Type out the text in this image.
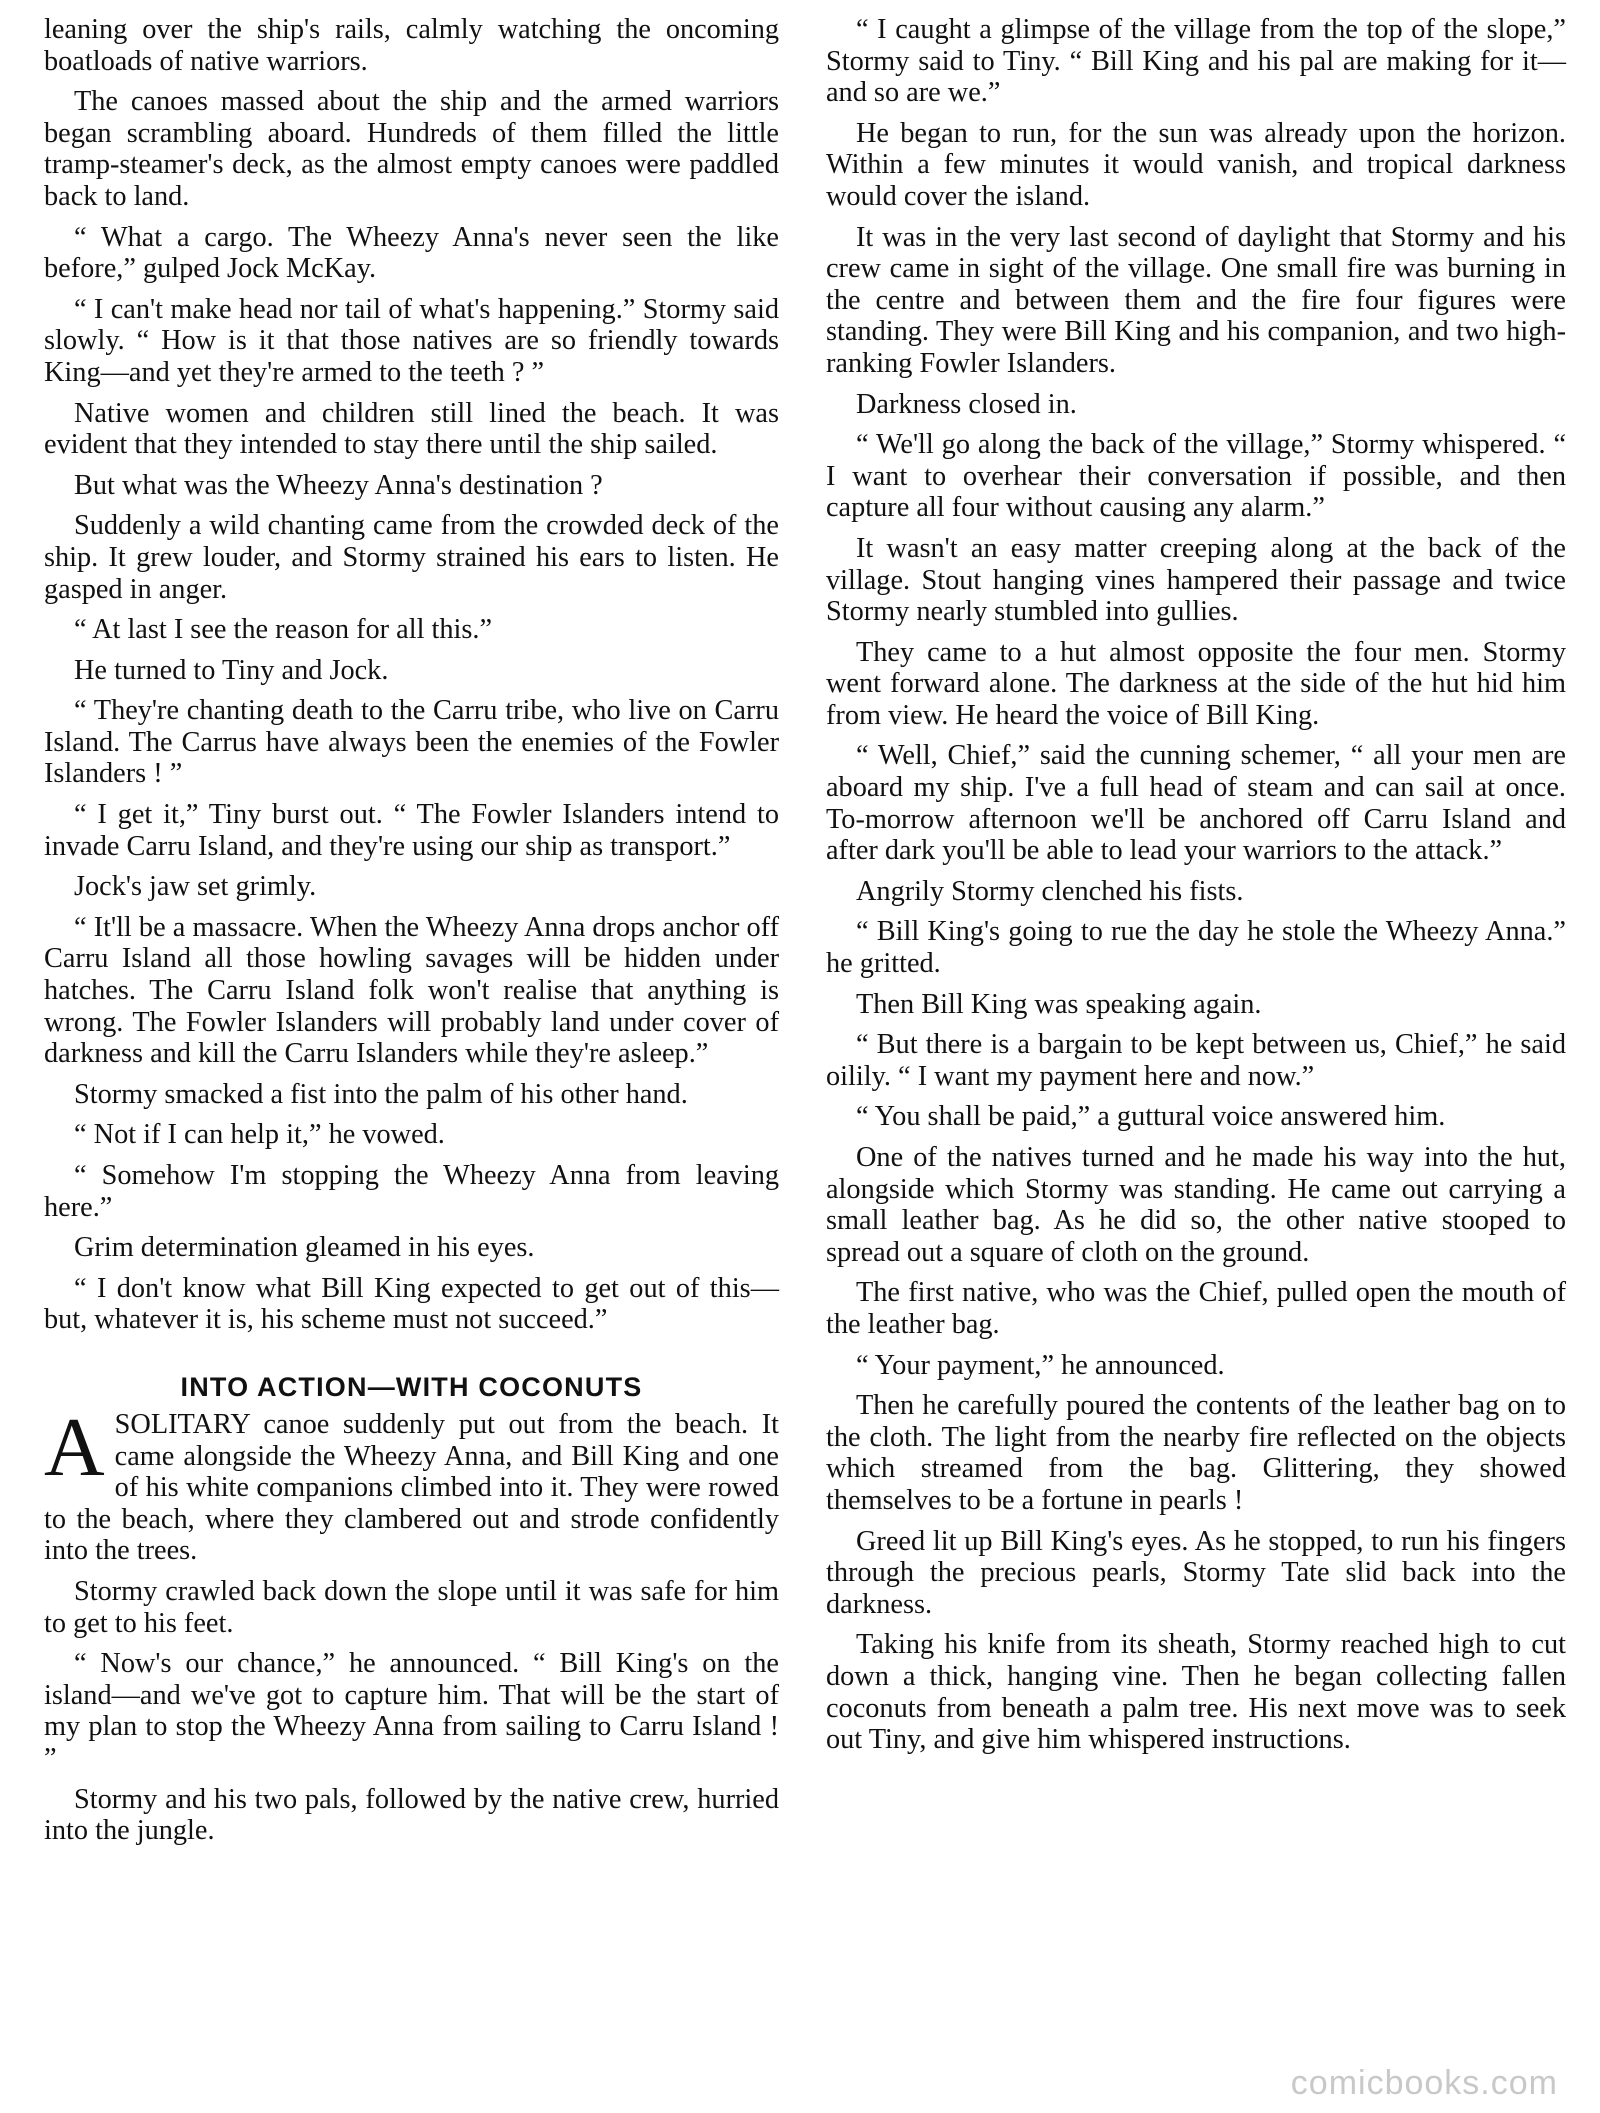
leaning over the ship's rails, calmly watching the oncoming boatloads of native warriors.

The canoes massed about the ship and the armed warriors began scrambling aboard. Hundreds of them filled the little tramp-steamer's deck, as the almost empty canoes were paddled back to land.

“ What a cargo. The Wheezy Anna's never seen the like before,” gulped Jock McKay.

“ I can't make head nor tail of what's happening.” Stormy said slowly. “ How is it that those natives are so friendly towards King—and yet they're armed to the teeth ? ”

Native women and children still lined the beach. It was evident that they intended to stay there until the ship sailed.

But what was the Wheezy Anna's destination ?

Suddenly a wild chanting came from the crowded deck of the ship. It grew louder, and Stormy strained his ears to listen. He gasped in anger.

“ At last I see the reason for all this.”

He turned to Tiny and Jock.

“ They're chanting death to the Carru tribe, who live on Carru Island. The Carrus have always been the enemies of the Fowler Islanders ! ”

“ I get it,” Tiny burst out. “ The Fowler Islanders intend to invade Carru Island, and they're using our ship as transport.”

Jock's jaw set grimly.

“ It'll be a massacre. When the Wheezy Anna drops anchor off Carru Island all those howling savages will be hidden under hatches. The Carru Island folk won't realise that anything is wrong. The Fowler Islanders will probably land under cover of darkness and kill the Carru Islanders while they're asleep.”

Stormy smacked a fist into the palm of his other hand.

“ Not if I can help it,” he vowed.

“ Somehow I'm stopping the Wheezy Anna from leaving here.”

Grim determination gleamed in his eyes.

“ I don't know what Bill King expected to get out of this—but, whatever it is, his scheme must not succeed.”

INTO ACTION—WITH COCONUTS

ASOLITARY canoe suddenly put out from the beach. It came alongside the Wheezy Anna, and Bill King and one of his white companions climbed into it. They were rowed to the beach, where they clambered out and strode confidently into the trees.

Stormy crawled back down the slope until it was safe for him to get to his feet.

“ Now's our chance,” he announced. “ Bill King's on the island—and we've got to capture him. That will be the start of my plan to stop the Wheezy Anna from sailing to Carru Island ! ”

Stormy and his two pals, followed by the native crew, hurried into the jungle.

“ I caught a glimpse of the village from the top of the slope,” Stormy said to Tiny. “ Bill King and his pal are making for it—and so are we.”

He began to run, for the sun was already upon the horizon. Within a few minutes it would vanish, and tropical darkness would cover the island.

It was in the very last second of daylight that Stormy and his crew came in sight of the village. One small fire was burning in the centre and between them and the fire four figures were standing. They were Bill King and his companion, and two high-ranking Fowler Islanders.

Darkness closed in.

“ We'll go along the back of the village,” Stormy whispered. “ I want to overhear their conversation if possible, and then capture all four without causing any alarm.”

It wasn't an easy matter creeping along at the back of the village. Stout hanging vines hampered their passage and twice Stormy nearly stumbled into gullies.

They came to a hut almost opposite the four men. Stormy went forward alone. The darkness at the side of the hut hid him from view. He heard the voice of Bill King.

“ Well, Chief,” said the cunning schemer, “ all your men are aboard my ship. I've a full head of steam and can sail at once. To-morrow afternoon we'll be anchored off Carru Island and after dark you'll be able to lead your warriors to the attack.”

Angrily Stormy clenched his fists.

“ Bill King's going to rue the day he stole the Wheezy Anna.” he gritted.

Then Bill King was speaking again.

“ But there is a bargain to be kept between us, Chief,” he said oilily. “ I want my payment here and now.”

“ You shall be paid,” a guttural voice answered him.

One of the natives turned and he made his way into the hut, alongside which Stormy was standing. He came out carrying a small leather bag. As he did so, the other native stooped to spread out a square of cloth on the ground.

The first native, who was the Chief, pulled open the mouth of the leather bag.

“ Your payment,” he announced.

Then he carefully poured the contents of the leather bag on to the cloth. The light from the nearby fire reflected on the objects which streamed from the bag. Glittering, they showed themselves to be a fortune in pearls !

Greed lit up Bill King's eyes. As he stopped, to run his fingers through the precious pearls, Stormy Tate slid back into the darkness.

Taking his knife from its sheath, Stormy reached high to cut down a thick, hanging vine. Then he began collecting fallen coconuts from beneath a palm tree. His next move was to seek out Tiny, and give him whispered instructions.

comicbooks.com
